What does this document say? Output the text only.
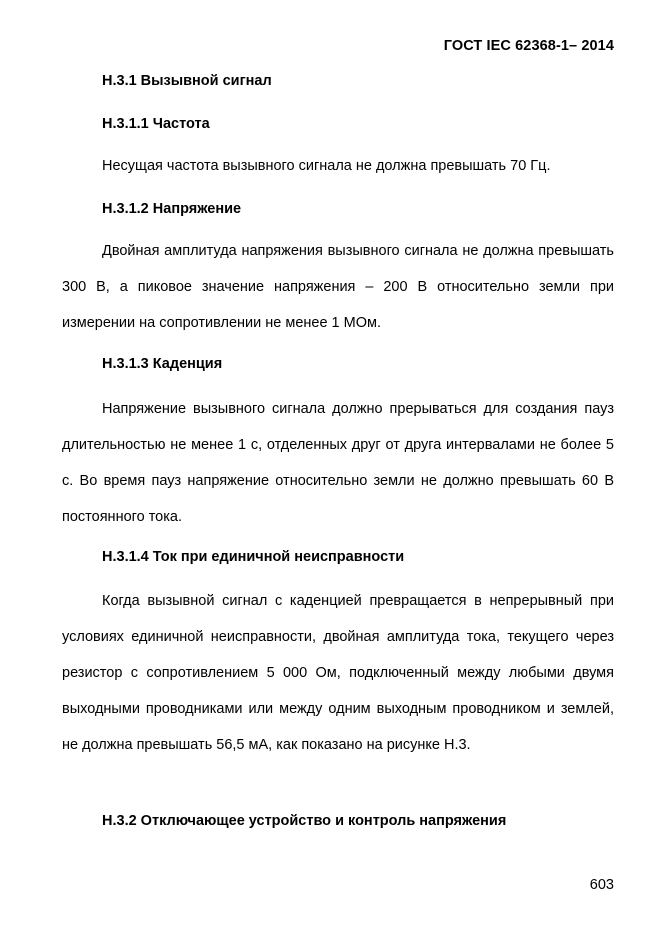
ГОСТ IEC 62368-1– 2014
H.3.1 Вызывной сигнал
H.3.1.1 Частота
Несущая частота вызывного сигнала не должна превышать 70 Гц.
H.3.1.2 Напряжение
Двойная амплитуда напряжения вызывного сигнала не должна превышать 300 В, а пиковое значение напряжения – 200 В относительно земли при измерении на сопротивлении не менее 1 МОм.
H.3.1.3 Каденция
Напряжение вызывного сигнала должно прерываться для создания пауз длительностью не менее 1 с, отделенных друг от друга интервалами не более 5 с. Во время пауз напряжение относительно земли не должно превышать 60 В постоянного тока.
H.3.1.4 Ток при единичной неисправности
Когда вызывной сигнал с каденцией превращается в непрерывный при условиях единичной неисправности, двойная амплитуда тока, текущего через резистор с сопротивлением 5 000 Ом, подключенный между любыми двумя выходными проводниками или между одним выходным проводником и землей, не должна превышать 56,5 мА, как показано на рисунке Н.3.
H.3.2 Отключающее устройство и контроль напряжения
603
